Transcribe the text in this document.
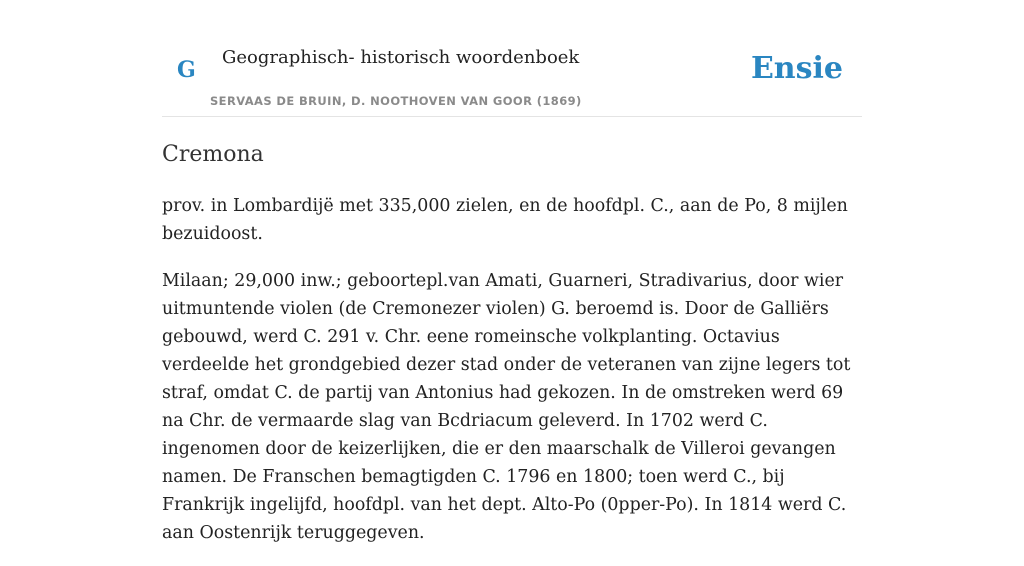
G Geographisch- historisch woordenboek
SERVAAS DE BRUIN, D. NOOTHOVEN VAN GOOR (1869)
Ensie
Cremona

prov. in Lombardijë met 335,000 zielen, en de hoofdpl. C., aan de Po, 8 mijlen bezuidoost.

Milaan; 29,000 inw.; geboortepl.van Amati, Guarneri, Stradivarius, door wier uitmuntende violen (de Cremonezer violen) G. beroemd is. Door de Galliërs gebouwd, werd C. 291 v. Chr. eene romeinsche volkplanting. Octavius verdeelde het grondgebied dezer stad onder de veteranen van zijne legers tot straf, omdat C. de partij van Antonius had gekozen. In de omstreken werd 69 na Chr. de vermaarde slag van Bcdriacum geleverd. In 1702 werd C. ingenomen door de keizerlijken, die er den maarschalk de Villeroi gevangen namen. De Franschen bemagtigden C. 1796 en 1800; toen werd C., bij Frankrijk ingelijfd, hoofdpl. van het dept. Alto-Po (0pper-Po). In 1814 werd C. aan Oostenrijk teruggegeven.
